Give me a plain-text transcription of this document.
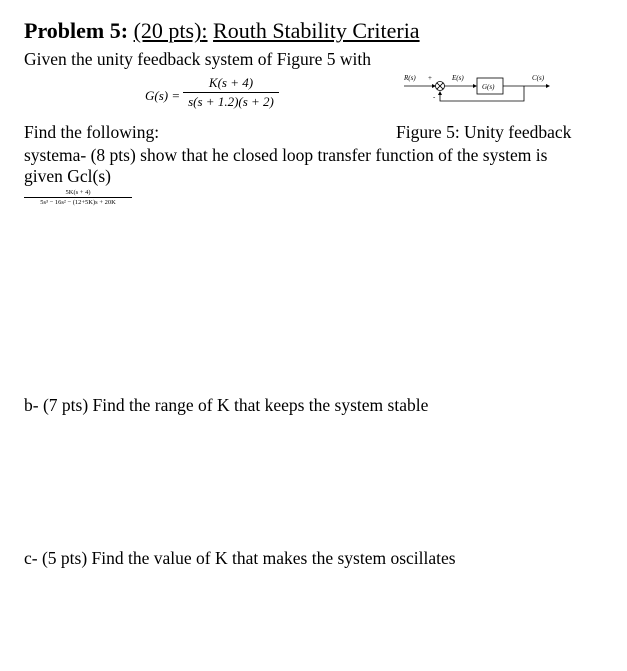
Problem 5: (20 pts): Routh Stability Criteria
Given the unity feedback system of Figure 5 with
G(s) =
K(s + 4)
s(s + 1.2)(s + 2)
R(s) +	E(s)	C(s)
-
G(s)
Find the following:	Figure 5: Unity feedback
systema- (8 pts) show that he closed loop transfer function of the system is
given Gcl(s)
5K(s + 4)
5s³ − 16s² − (12+5K)s + 20K
b- (7 pts) Find the range of K that keeps the system stable
c- (5 pts) Find the value of K that makes the system oscillates
